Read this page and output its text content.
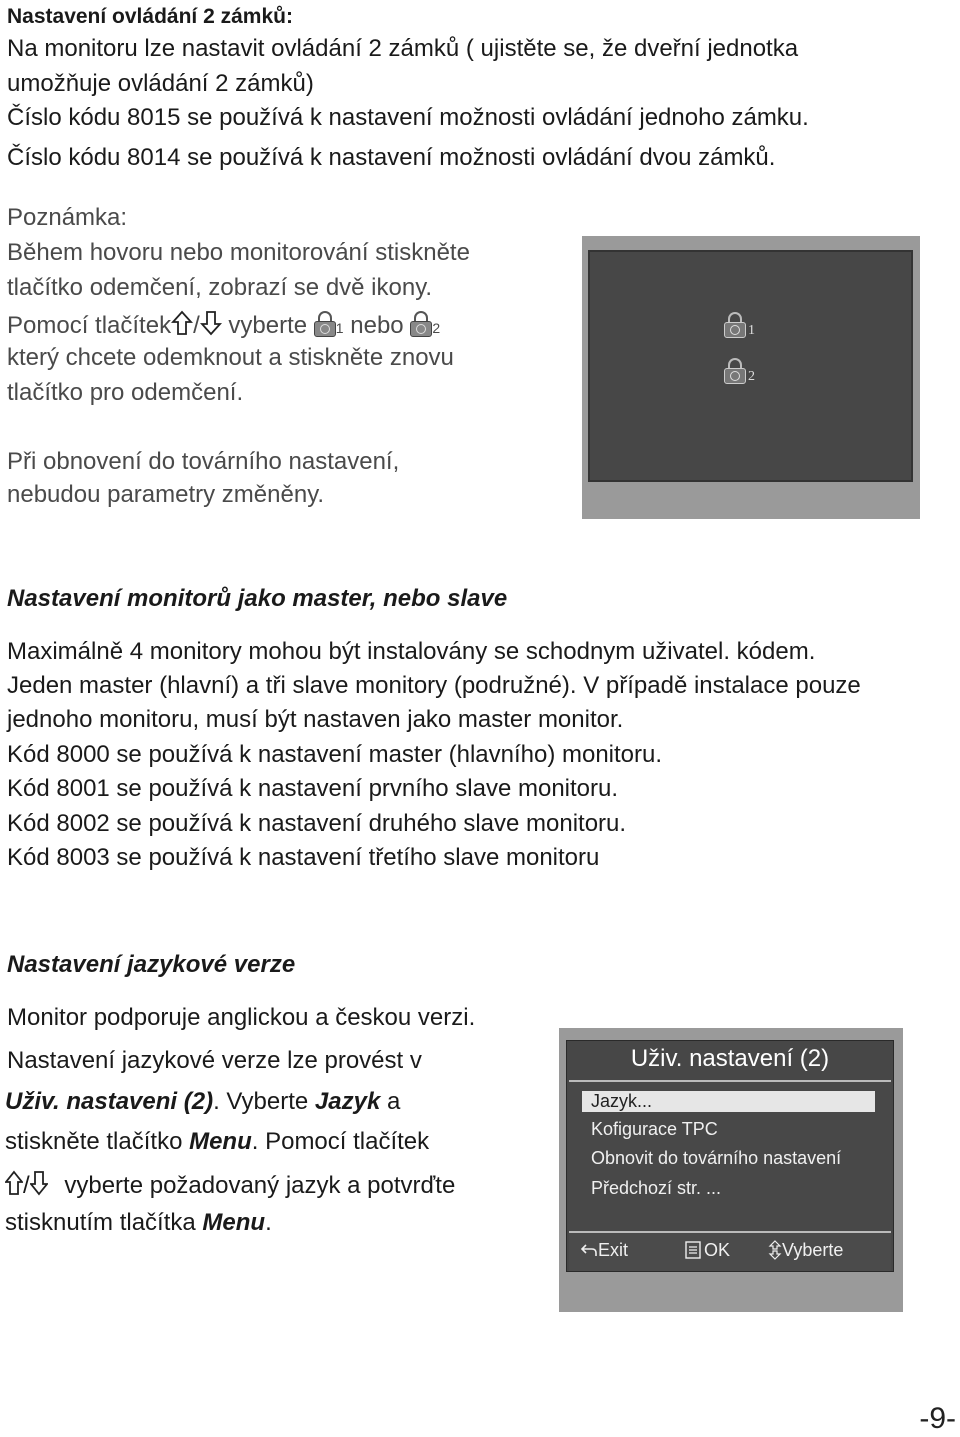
Nastavení ovládání 2 zámků:
Na monitoru lze nastavit ovládání 2 zámků ( ujistěte se, že dveřní jednotka
umožňuje ovládání 2 zámků)
Číslo kódu 8015 se používá k nastavení možnosti ovládání jednoho zámku.
Číslo kódu 8014 se používá k nastavení možnosti ovládání dvou zámků.
Poznámka:
Během hovoru nebo monitorování stiskněte
tlačítko odemčení, zobrazí se dvě ikony.
Pomocí tlačítek / vyberte 1 nebo 2
který chcete odemknout a stiskněte znovu
tlačítko pro odemčení.
Při obnovení do továrního nastavení,
nebudou parametry změněny.
1
2
Nastavení monitorů jako master, nebo slave
Maximálně 4 monitory mohou být instalovány se schodnym uživatel. kódem.
Jeden master (hlavní) a tři slave monitory (podružné). V případě instalace pouze
jednoho monitoru, musí být nastaven jako master monitor.
Kód 8000 se používá k nastavení master (hlavního) monitoru.
Kód 8001 se používá k nastavení prvního slave monitoru.
Kód 8002 se používá k nastavení druhého slave monitoru.
Kód 8003 se používá k nastavení třetího slave monitoru
Nastavení jazykové verze
Monitor podporuje anglickou a českou verzi.
Nastavení jazykové verze lze provést v
Uživ. nastaveni (2). Vyberte Jazyk a
stiskněte tlačítko Menu. Pomocí tlačítek
/ vyberte požadovaný jazyk a potvrďte
stisknutím tlačítka Menu.
Uživ. nastavení (2)
Jazyk...
Kofigurace TPC
Obnovit do továrního nastavení
Předchozí str. ...
Exit	OK	Vyberte
-9-
